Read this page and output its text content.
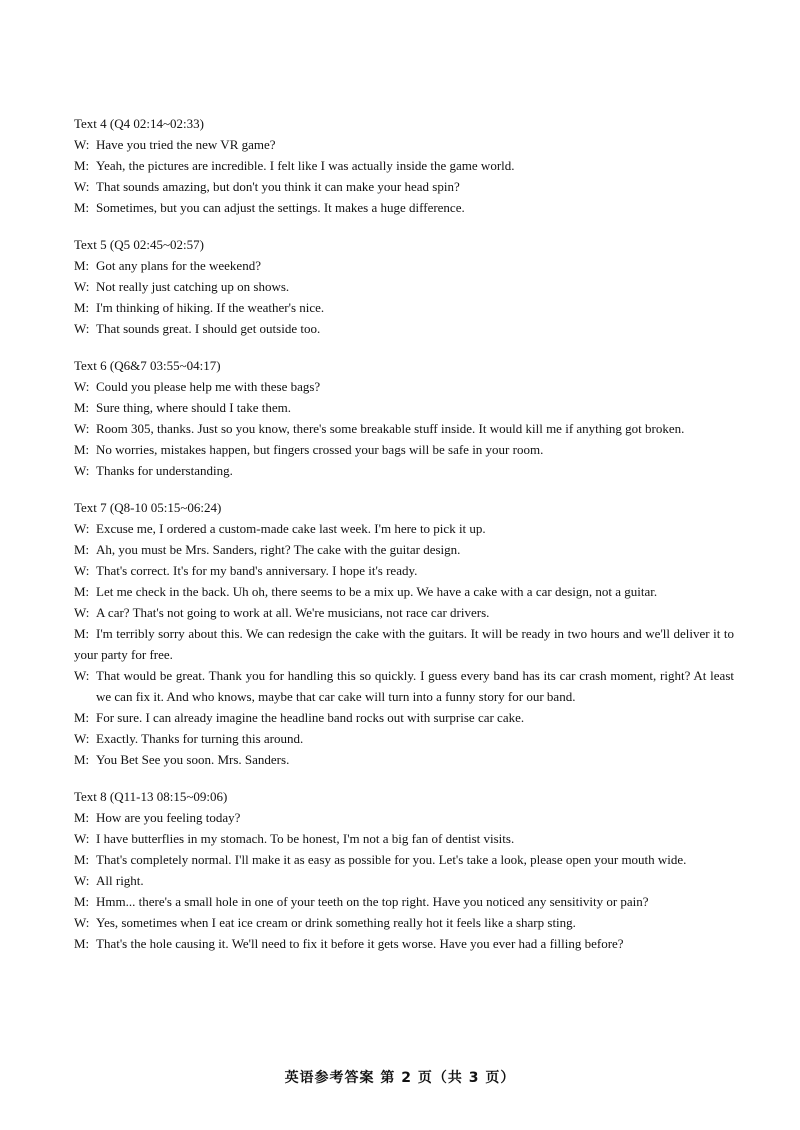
Text 4 (Q4 02:14~02:33)
W: Have you tried the new VR game?
M: Yeah, the pictures are incredible. I felt like I was actually inside the game world.
W: That sounds amazing, but don't you think it can make your head spin?
M: Sometimes, but you can adjust the settings. It makes a huge difference.
Text 5 (Q5 02:45~02:57)
M: Got any plans for the weekend?
W: Not really just catching up on shows.
M: I'm thinking of hiking. If the weather's nice.
W: That sounds great. I should get outside too.
Text 6 (Q6&7 03:55~04:17)
W: Could you please help me with these bags?
M: Sure thing, where should I take them.
W: Room 305, thanks. Just so you know, there's some breakable stuff inside. It would kill me if anything got broken.
M: No worries, mistakes happen, but fingers crossed your bags will be safe in your room.
W: Thanks for understanding.
Text 7 (Q8-10 05:15~06:24)
W: Excuse me, I ordered a custom-made cake last week. I'm here to pick it up.
M: Ah, you must be Mrs. Sanders, right? The cake with the guitar design.
W: That's correct. It's for my band's anniversary. I hope it's ready.
M: Let me check in the back. Uh oh, there seems to be a mix up. We have a cake with a car design, not a guitar.
W: A car? That's not going to work at all. We're musicians, not race car drivers.
M: I'm terribly sorry about this. We can redesign the cake with the guitars. It will be ready in two hours and we'll deliver it to your party for free.
W: That would be great. Thank you for handling this so quickly. I guess every band has its car crash moment, right? At least we can fix it. And who knows, maybe that car cake will turn into a funny story for our band.
M: For sure. I can already imagine the headline band rocks out with surprise car cake.
W: Exactly. Thanks for turning this around.
M: You Bet See you soon. Mrs. Sanders.
Text 8 (Q11-13 08:15~09:06)
M: How are you feeling today?
W: I have butterflies in my stomach. To be honest, I'm not a big fan of dentist visits.
M: That's completely normal. I'll make it as easy as possible for you. Let's take a look, please open your mouth wide.
W: All right.
M: Hmm... there's a small hole in one of your teeth on the top right. Have you noticed any sensitivity or pain?
W: Yes, sometimes when I eat ice cream or drink something really hot it feels like a sharp sting.
M: That's the hole causing it. We'll need to fix it before it gets worse. Have you ever had a filling before?
英语参考答案 第 2 页（共 3 页）
